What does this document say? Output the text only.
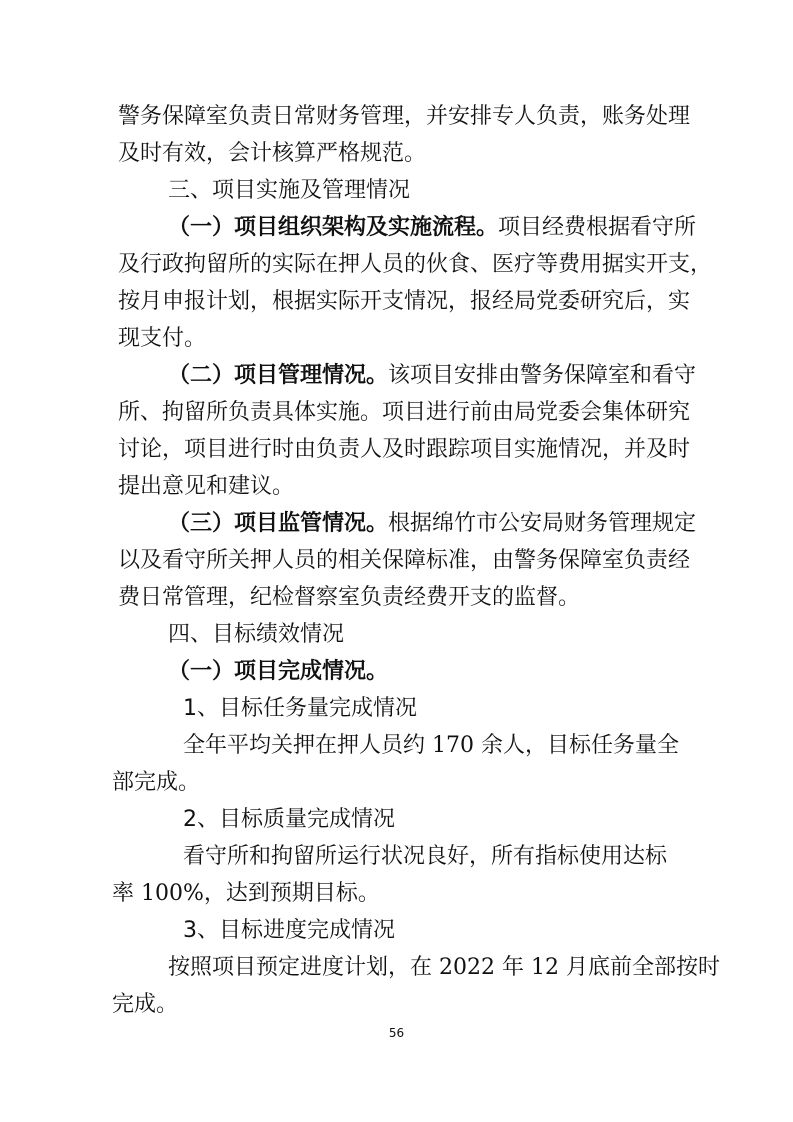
警务保障室负责日常财务管理，并安排专人负责，账务处理

及时有效，会计核算严格规范。

三、项目实施及管理情况

（一）项目组织架构及实施流程。项目经费根据看守所

及行政拘留所的实际在押人员的伙食、医疗等费用据实开支，

按月申报计划，根据实际开支情况，报经局党委研究后，实

现支付。

（二）项目管理情况。该项目安排由警务保障室和看守

所、拘留所负责具体实施。项目进行前由局党委会集体研究

讨论，项目进行时由负责人及时跟踪项目实施情况，并及时

提出意见和建议。

（三）项目监管情况。根据绵竹市公安局财务管理规定

以及看守所关押人员的相关保障标准，由警务保障室负责经

费日常管理，纪检督察室负责经费开支的监督。

四、目标绩效情况

（一）项目完成情况。

1、目标任务量完成情况

全年平均关押在押人员约 170 余人，目标任务量全

部完成。

2、目标质量完成情况

看守所和拘留所运行状况良好，所有指标使用达标

率 100%，达到预期目标。

3、目标进度完成情况

按照项目预定进度计划，在 2022 年 12 月底前全部按时

完成。

56
